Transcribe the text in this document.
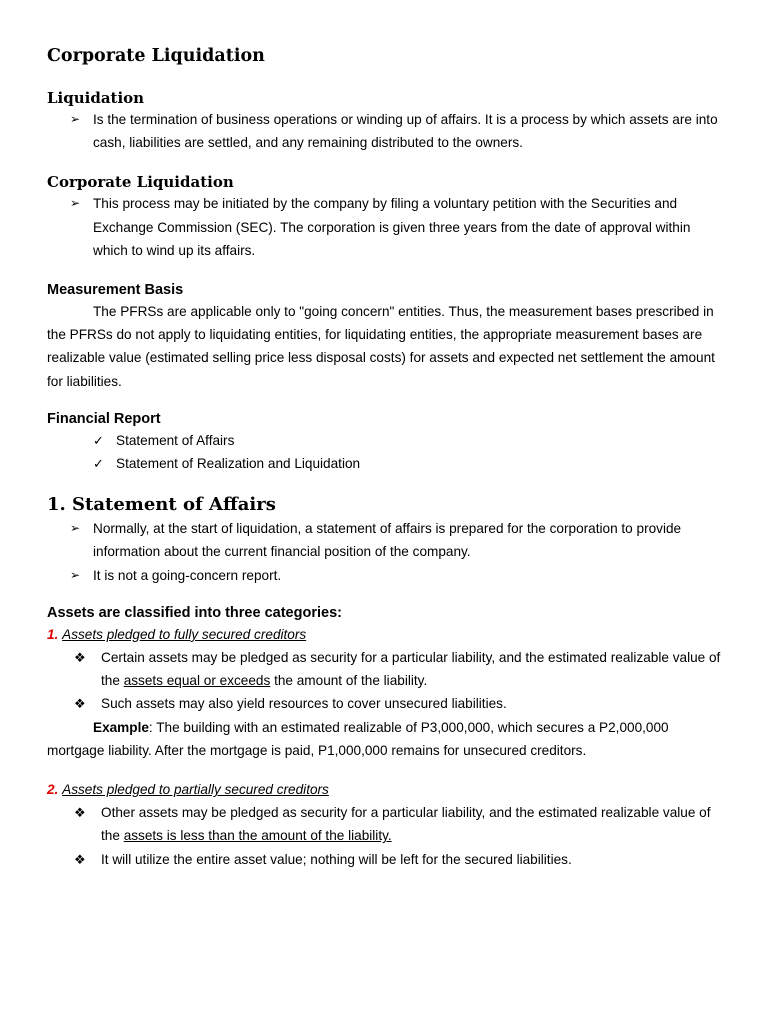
Corporate Liquidation
Liquidation
➢ Is the termination of business operations or winding up of affairs. It is a process by which assets are into cash, liabilities are settled, and any remaining distributed to the owners.
Corporate Liquidation
➢ This process may be initiated by the company by filing a voluntary petition with the Securities and Exchange Commission (SEC). The corporation is given three years from the date of approval within which to wind up its affairs.
Measurement Basis

The PFRSs are applicable only to "going concern" entities. Thus, the measurement bases prescribed in the PFRSs do not apply to liquidating entities, for liquidating entities, the appropriate measurement bases are realizable value (estimated selling price less disposal costs) for assets and expected net settlement the amount for liabilities.

Financial Report
✓ Statement of Affairs
✓ Statement of Realization and Liquidation
1. Statement of Affairs
➢ Normally, at the start of liquidation, a statement of affairs is prepared for the corporation to provide information about the current financial position of the company.
➢ It is not a going-concern report.
Assets are classified into three categories:

1. Assets pledged to fully secured creditors

❖ Certain assets may be pledged as security for a particular liability, and the estimated realizable value of the assets equal or exceeds the amount of the liability.
❖ Such assets may also yield resources to cover unsecured liabilities.

Example: The building with an estimated realizable of P3,000,000, which secures a P2,000,000 mortgage liability. After the mortgage is paid, P1,000,000 remains for unsecured creditors.

2. Assets pledged to partially secured creditors

❖ Other assets may be pledged as security for a particular liability, and the estimated realizable value of the assets is less than the amount of the liability.
❖ It will utilize the entire asset value; nothing will be left for the secured liabilities.
